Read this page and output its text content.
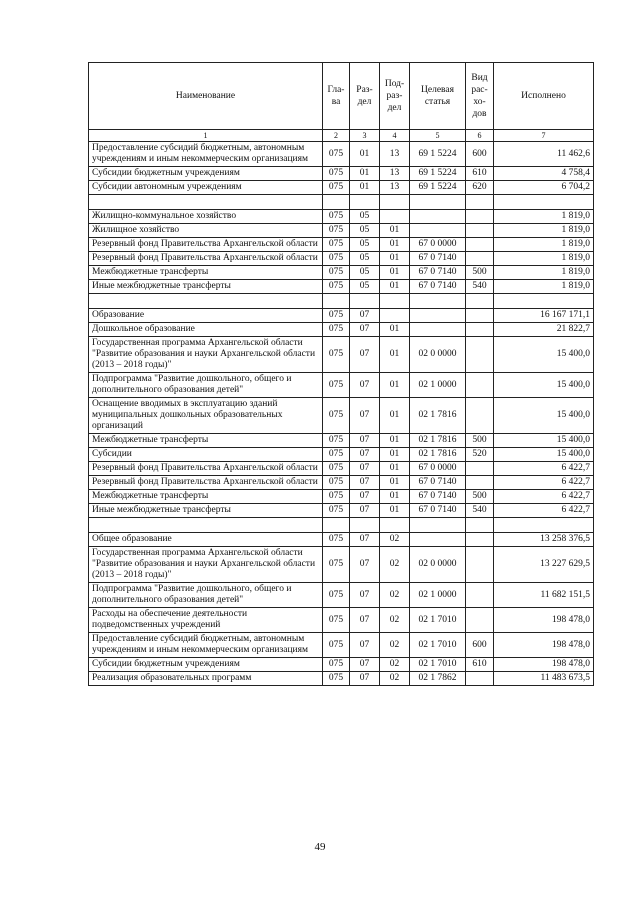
Наименование	Гла-ва	Раз-дел	Под-раз-дел	Целевая статья	Вид рас-хо-дов	Исполнено
1	2	3	4	5	6	7
Предоставление субсидий бюджетным, автономным учреждениям и иным некоммерческим организациям	075	01	13	69 1 5224	600	11 462,6
Субсидии бюджетным учреждениям	075	01	13	69 1 5224	610	4 758,4
Субсидии автономным учреждениям	075	01	13	69 1 5224	620	6 704,2

Жилищно-коммунальное хозяйство	075	05				1 819,0
Жилищное хозяйство	075	05	01			1 819,0
Резервный фонд Правительства Архангельской области	075	05	01	67 0 0000		1 819,0
Резервный фонд Правительства Архангельской области	075	05	01	67 0 7140		1 819,0
Межбюджетные трансферты	075	05	01	67 0 7140	500	1 819,0
Иные межбюджетные трансферты	075	05	01	67 0 7140	540	1 819,0

Образование	075	07				16 167 171,1
Дошкольное образование	075	07	01			21 822,7
Государственная программа Архангельской области "Развитие образования и науки Архангельской области (2013 – 2018 годы)"	075	07	01	02 0 0000		15 400,0
Подпрограмма "Развитие дошкольного, общего и дополнительного образования детей"	075	07	01	02 1 0000		15 400,0
Оснащение вводимых в эксплуатацию зданий муниципальных дошкольных образовательных организаций	075	07	01	02 1 7816		15 400,0
Межбюджетные трансферты	075	07	01	02 1 7816	500	15 400,0
Субсидии	075	07	01	02 1 7816	520	15 400,0
Резервный фонд Правительства Архангельской области	075	07	01	67 0 0000		6 422,7
Резервный фонд Правительства Архангельской области	075	07	01	67 0 7140		6 422,7
Межбюджетные трансферты	075	07	01	67 0 7140	500	6 422,7
Иные межбюджетные трансферты	075	07	01	67 0 7140	540	6 422,7

Общее образование	075	07	02			13 258 376,5
Государственная программа Архангельской области "Развитие образования и науки Архангельской области (2013 – 2018 годы)"	075	07	02	02 0 0000		13 227 629,5
Подпрограмма "Развитие дошкольного, общего и дополнительного образования детей"	075	07	02	02 1 0000		11 682 151,5
Расходы на обеспечение деятельности подведомственных учреждений	075	07	02	02 1 7010		198 478,0
Предоставление субсидий бюджетным, автономным учреждениям и иным некоммерческим организациям	075	07	02	02 1 7010	600	198 478,0
Субсидии бюджетным учреждениям	075	07	02	02 1 7010	610	198 478,0
Реализация образовательных программ	075	07	02	02 1 7862		11 483 673,5
49
